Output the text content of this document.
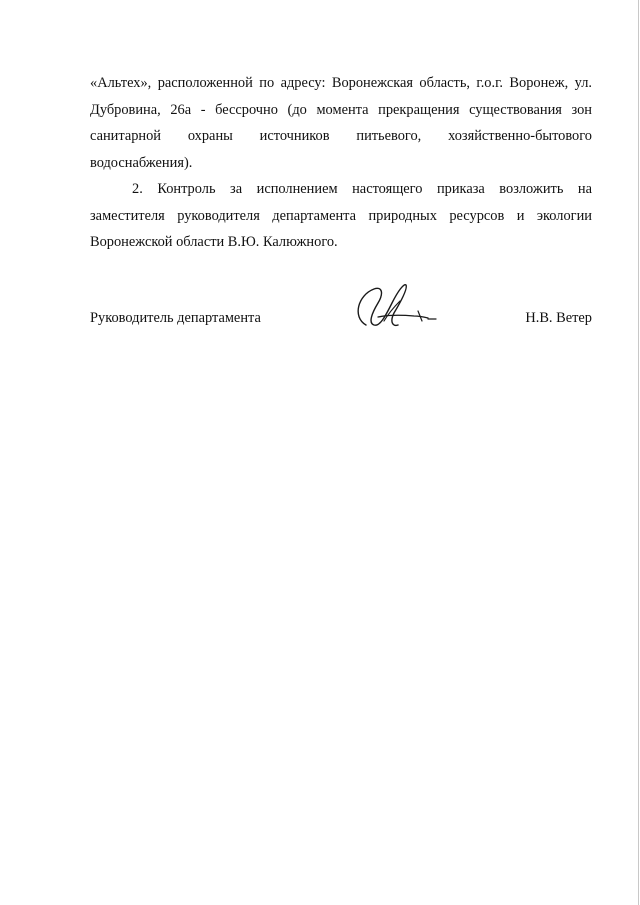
«Альтех», расположенной по адресу: Воронежская область, г.о.г. Воронеж, ул. Дубровина, 26а - бессрочно (до момента прекращения существования зон санитарной охраны источников питьевого, хозяйственно-бытового водоснабжения).

2. Контроль за исполнением настоящего приказа возложить на заместителя руководителя департамента природных ресурсов и экологии Воронежской области В.Ю. Калюжного.

Руководитель департамента	Н.В. Ветер
